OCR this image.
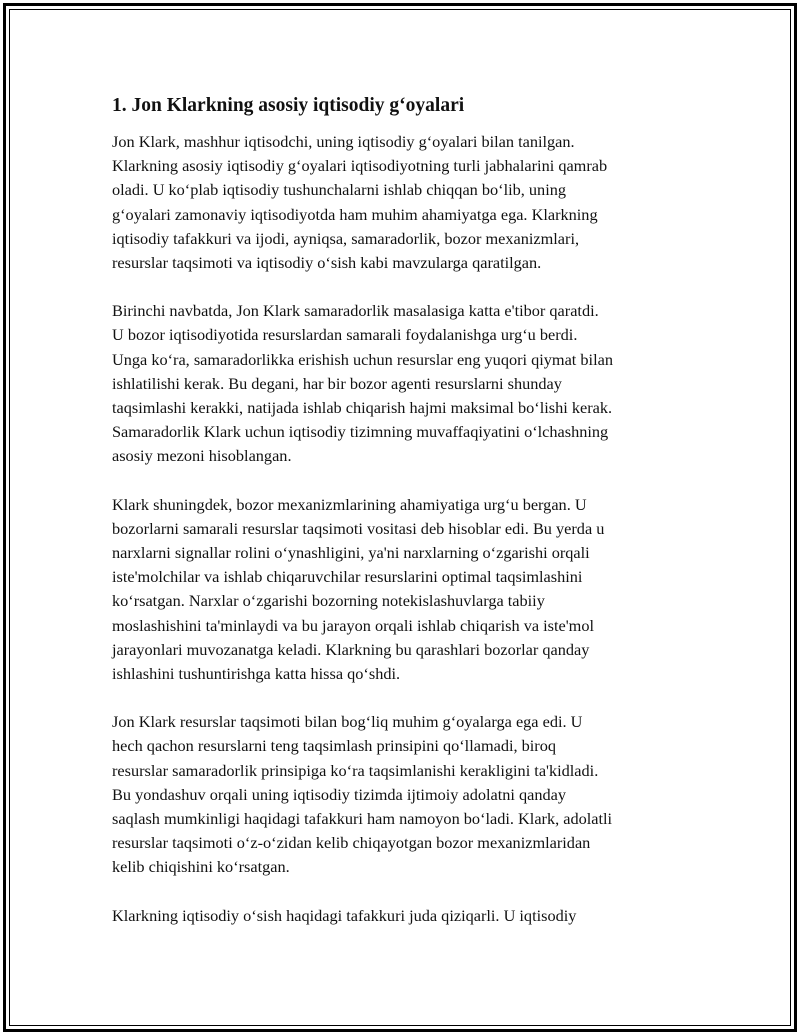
1. Jon Klarkning asosiy iqtisodiy g‘oyalari

Jon Klark, mashhur iqtisodchi, uning iqtisodiy g‘oyalari bilan tanilgan.
Klarkning asosiy iqtisodiy g‘oyalari iqtisodiyotning turli jabhalarini qamrab
oladi. U ko‘plab iqtisodiy tushunchalarni ishlab chiqqan bo‘lib, uning
g‘oyalari zamonaviy iqtisodiyotda ham muhim ahamiyatga ega. Klarkning
iqtisodiy tafakkuri va ijodi, ayniqsa, samaradorlik, bozor mexanizmlari,
resurslar taqsimoti va iqtisodiy o‘sish kabi mavzularga qaratilgan.

Birinchi navbatda, Jon Klark samaradorlik masalasiga katta e'tibor qaratdi.
U bozor iqtisodiyotida resurslardan samarali foydalanishga urg‘u berdi.
Unga ko‘ra, samaradorlikka erishish uchun resurslar eng yuqori qiymat bilan
ishlatilishi kerak. Bu degani, har bir bozor agenti resurslarni shunday
taqsimlashi kerakki, natijada ishlab chiqarish hajmi maksimal bo‘lishi kerak.
Samaradorlik Klark uchun iqtisodiy tizimning muvaffaqiyatini o‘lchashning
asosiy mezoni hisoblangan.

Klark shuningdek, bozor mexanizmlarining ahamiyatiga urg‘u bergan. U
bozorlarni samarali resurslar taqsimoti vositasi deb hisoblar edi. Bu yerda u
narxlarni signallar rolini o‘ynashligini, ya'ni narxlarning o‘zgarishi orqali
iste'molchilar va ishlab chiqaruvchilar resurslarini optimal taqsimlashini
ko‘rsatgan. Narxlar o‘zgarishi bozorning notekislashuvlarga tabiiy
moslashishini ta'minlaydi va bu jarayon orqali ishlab chiqarish va iste'mol
jarayonlari muvozanatga keladi. Klarkning bu qarashlari bozorlar qanday
ishlashini tushuntirishga katta hissa qo‘shdi.

Jon Klark resurslar taqsimoti bilan bog‘liq muhim g‘oyalarga ega edi. U
hech qachon resurslarni teng taqsimlash prinsipini qo‘llamadi, biroq
resurslar samaradorlik prinsipiga ko‘ra taqsimlanishi kerakligini ta'kidladi.
Bu yondashuv orqali uning iqtisodiy tizimda ijtimoiy adolatni qanday
saqlash mumkinligi haqidagi tafakkuri ham namoyon bo‘ladi. Klark, adolatli
resurslar taqsimoti o‘z-o‘zidan kelib chiqayotgan bozor mexanizmlaridan
kelib chiqishini ko‘rsatgan.

Klarkning iqtisodiy o‘sish haqidagi tafakkuri juda qiziqarli. U iqtisodiy
